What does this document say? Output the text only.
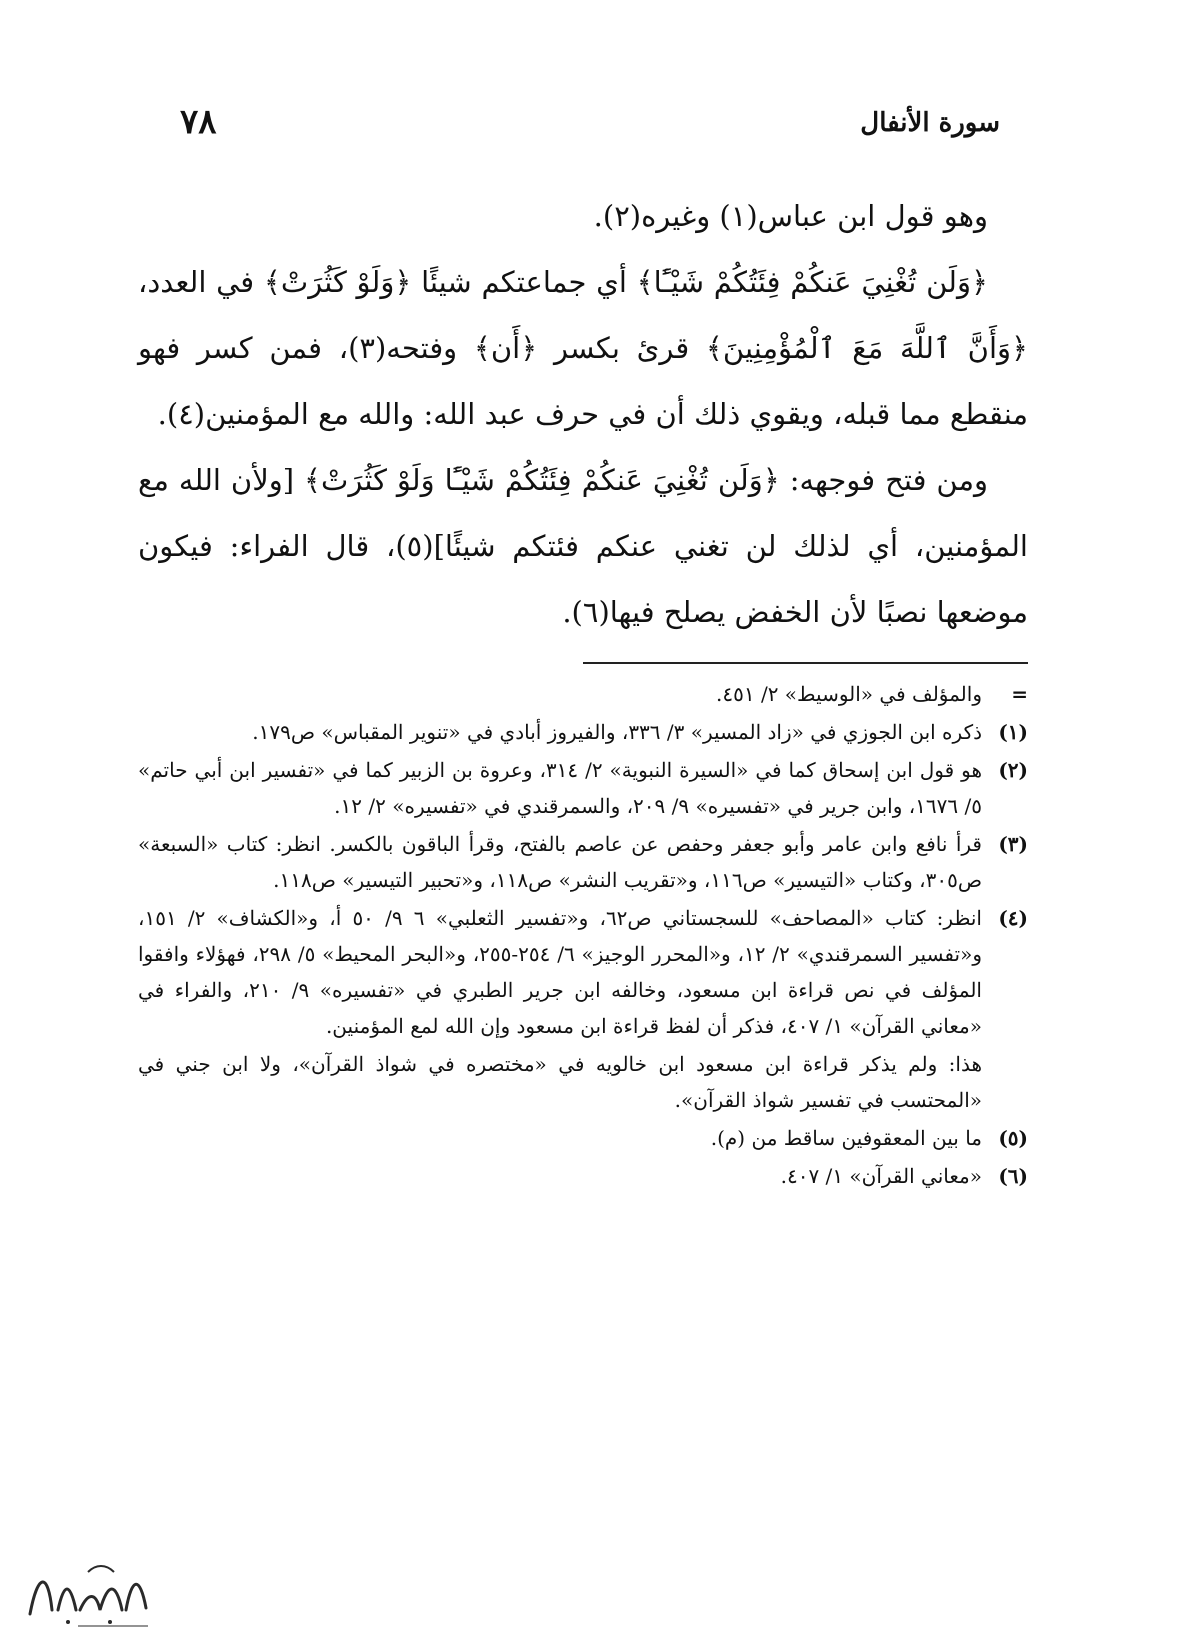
سورة الأنفال
٧٨

وهو قول ابن عباس(١) وغيره(٢).

﴿وَلَن تُغْنِيَ عَنكُمْ فِئَتُكُمْ شَيْـًٔا﴾ أي جماعتكم شيئًا ﴿وَلَوْ كَثُرَتْ﴾ في العدد، ﴿وَأَنَّ ٱللَّهَ مَعَ ٱلْمُؤْمِنِينَ﴾ قرئ بكسر ﴿أَن﴾ وفتحه(٣)، فمن كسر فهو منقطع مما قبله، ويقوي ذلك أن في حرف عبد الله: والله مع المؤمنين(٤).

ومن فتح فوجهه: ﴿وَلَن تُغْنِيَ عَنكُمْ فِئَتُكُمْ شَيْـًٔا وَلَوْ كَثُرَتْ﴾ [ولأن الله مع المؤمنين، أي لذلك لن تغني عنكم فئتكم شيئًا](٥)، قال الفراء: فيكون موضعها نصبًا لأن الخفض يصلح فيها(٦).

=
والمؤلف في «الوسيط» ٢/ ٤٥١.
(١)
ذكره ابن الجوزي في «زاد المسير» ٣/ ٣٣٦، والفيروز أبادي في «تنوير المقباس» ص١٧٩.
(٢)
هو قول ابن إسحاق كما في «السيرة النبوية» ٢/ ٣١٤، وعروة بن الزبير كما في «تفسير ابن أبي حاتم» ٥/ ١٦٧٦، وابن جرير في «تفسيره» ٩/ ٢٠٩، والسمرقندي في «تفسيره» ٢/ ١٢.
(٣)
قرأ نافع وابن عامر وأبو جعفر وحفص عن عاصم بالفتح، وقرأ الباقون بالكسر. انظر: كتاب «السبعة» ص٣٠٥، وكتاب «التيسير» ص١١٦، و«تقريب النشر» ص١١٨، و«تحبير التيسير» ص١١٨.
(٤)
انظر: كتاب «المصاحف» للسجستاني ص٦٢، و«تفسير الثعلبي» ٦ ٩/ ٥٠ أ، و«الكشاف» ٢/ ١٥١، و«تفسير السمرقندي» ٢/ ١٢، و«المحرر الوجيز» ٦/ ٢٥٤-٢٥٥، و«البحر المحيط» ٥/ ٢٩٨، فهؤلاء وافقوا المؤلف في نص قراءة ابن مسعود، وخالفه ابن جرير الطبري في «تفسيره» ٩/ ٢١٠، والفراء في «معاني القرآن» ١/ ٤٠٧، فذكر أن لفظ قراءة ابن مسعود وإن الله لمع المؤمنين.
هذا: ولم يذكر قراءة ابن مسعود ابن خالويه في «مختصره في شواذ القرآن»، ولا ابن جني في «المحتسب في تفسير شواذ القرآن».
(٥)
ما بين المعقوفين ساقط من (م).
(٦)
«معاني القرآن» ١/ ٤٠٧.
